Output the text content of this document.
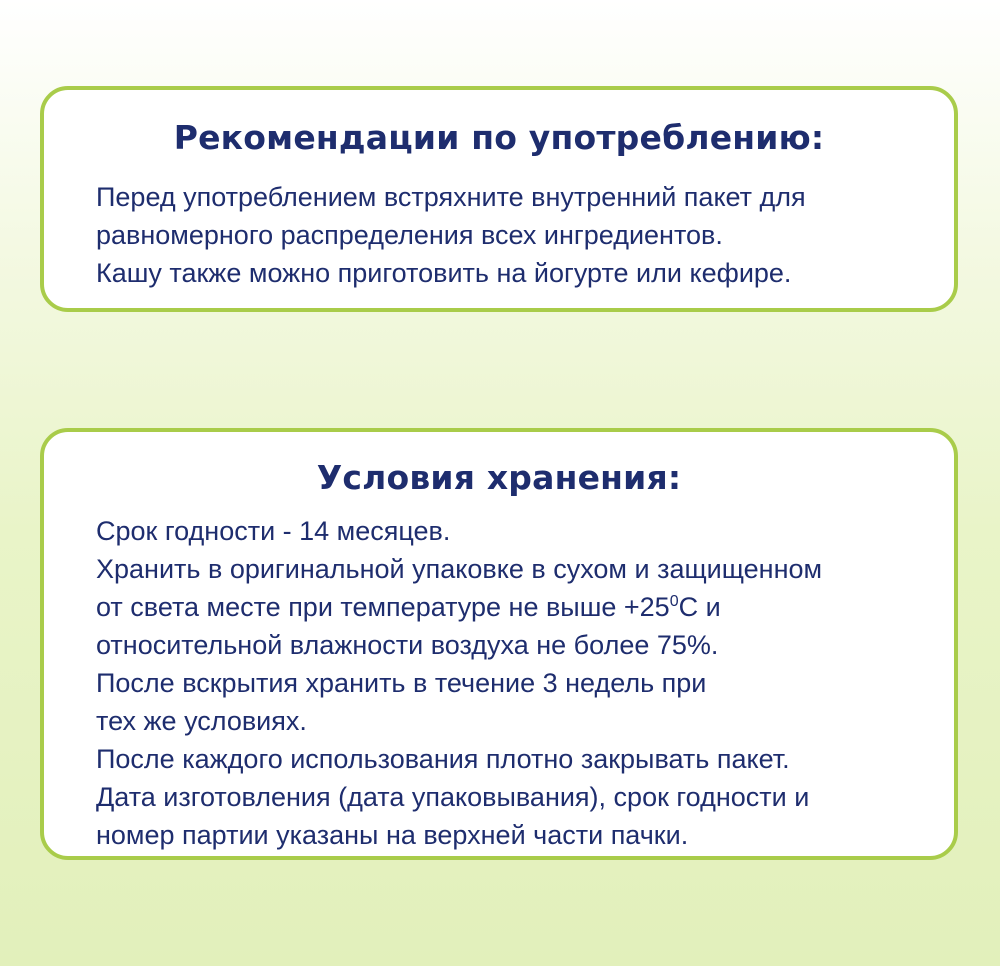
Рекомендации по употреблению:
Перед употреблением встряхните внутренний пакет для
равномерного распределения всех ингредиентов.
Кашу также можно приготовить на йогурте или кефире.
Условия хранения:
Срок годности - 14 месяцев.
Хранить в оригинальной упаковке в сухом и защищенном
от света месте при температуре не выше $+25^0С$ и
относительной влажности воздуха не более 75%.
После вскрытия хранить в течение 3 недель при
тех же условиях.
После каждого использования плотно закрывать пакет.
Дата изготовления (дата упаковывания), срок годности и
номер партии указаны на верхней части пачки.
